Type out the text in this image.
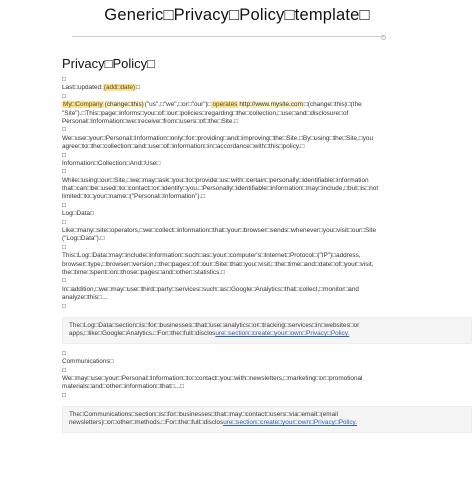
Generic□Privacy□Policy□template□
Privacy□Policy□
□
Last□updated:(add□date)□
□
My□Company (change□this)("us",□"we",□or□"our")□operates http://www.mysite.com□(change□this)□(the
"Site").□This□page□informs□you□of□our□policies□regarding□the□collection,□use□and□disclosure□of
Personal□Information□we□receive□from□users□of□the□Site.□
□
We□use□your□Personal□Information□only□for□providing□and□improving□the□Site.□By□using□the□Site,□you
agree□to□the□collection□and□use□of□information□in□accordance□with□this□policy.□
□
Information□Collection□And□Use□
□
While□using□our□Site,□we□may□ask□you□to□provide□us□with□certain□personally□identifiable□information
that□can□be□used□to□contact□or□identify□you.□Personally□identifiable□information□may□include,□but□is□not
limited□to□your□name□("Personal□Information").□
□
Log□Data□
□
Like□many□site□operators,□we□collect□information□that□your□browser□sends□whenever□you□visit□our□Site
("Log□Data").□
□
This□Log□Data□may□include□information□such□as□your□computer's□Internet□Protocol□("IP")□address,
browser□type,□browser□version,□the□pages□of□our□Site□that□you□visit,□the□time□and□date□of□your□visit,
the□time□spent□on□those□pages□and□other□statistics.□
□
In□addition,□we□may□use□third□party□services□such□as□Google□Analytics□that□collect,□monitor□and
analyze□this□…
□
The□Log□Data□section□is□for□businesses□that□use□analytics□or□tracking□services□in□websites□or
apps,□like□Google□Analytics.□For□the□full□disclosure□section□create□your□own□Privacy□Policy.
□
Communications□
□
We□may□use□your□Personal□Information□to□contact□you□with□newsletters,□marketing□or□promotional
materials□and□other□information□that□...□
□
The□Communications□section□is□for□businesses□that□may□contact□users□via□email□(email
newsletters)□or□other□methods.□For□the□full□disclosure□section□create□your□own□Privacy□Policy.
